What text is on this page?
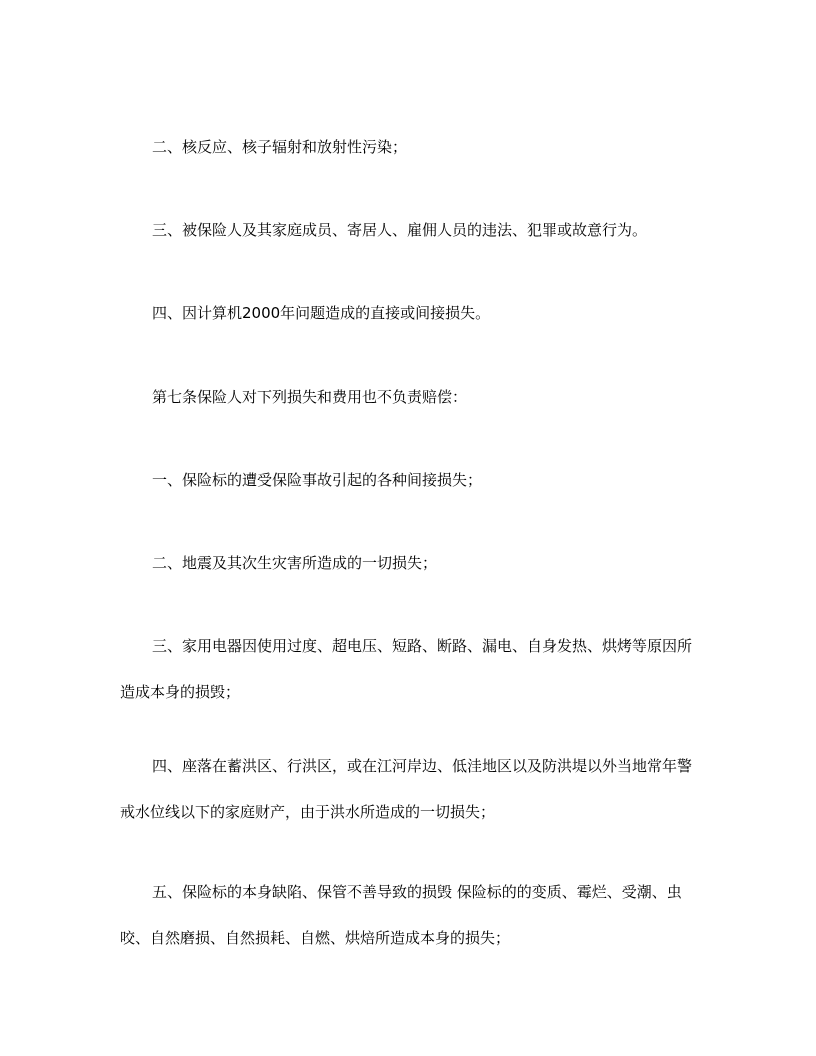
二、核反应、核子辐射和放射性污染；

三、被保险人及其家庭成员、寄居人、雇佣人员的违法、犯罪或故意行为。

四、因计算机2000年问题造成的直接或间接损失。

第七条保险人对下列损失和费用也不负责赔偿：

一、保险标的遭受保险事故引起的各种间接损失；

二、地震及其次生灾害所造成的一切损失；

三、家用电器因使用过度、超电压、短路、断路、漏电、自身发热、烘烤等原因所造成本身的损毁；

四、座落在蓄洪区、行洪区，或在江河岸边、低洼地区以及防洪堤以外当地常年警戒水位线以下的家庭财产，由于洪水所造成的一切损失；

五、保险标的本身缺陷、保管不善导致的损毁 保险标的的变质、霉烂、受潮、虫咬、自然磨损、自然损耗、自燃、烘焙所造成本身的损失；
